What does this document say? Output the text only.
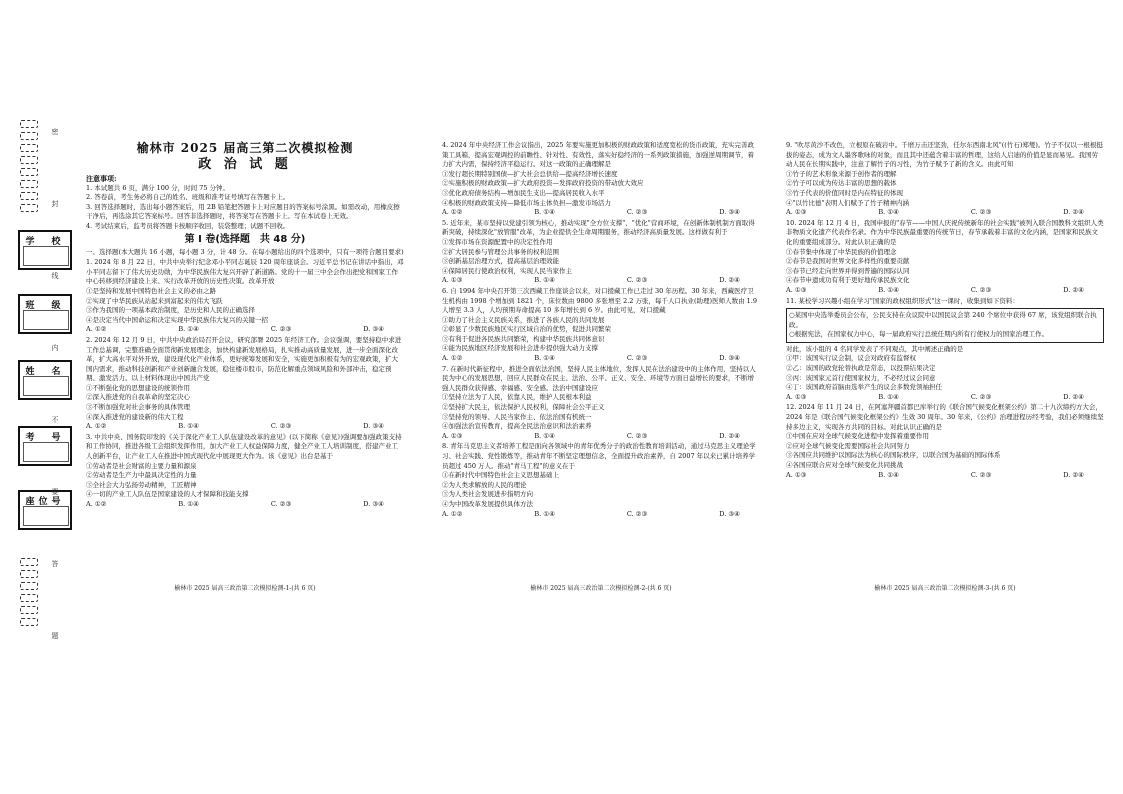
学　校
班　级
姓　名
考　号
座位号
密
封
线
内
不
要
答
题

榆林市 2025 届高三第二次模拟检测

政 治 试 题

注意事项:

1. 本试题共 6 页，满分 100 分，时间 75 分钟。

2. 答卷前，考生务必将自己的姓名、班级和准考证号填写在答题卡上。

3. 回答选择题时，选出每小题答案后，用 2B 铅笔把答题卡上对应题目的答案标号涂黑。如需改动，用橡皮擦干净后，再选涂其它答案标号。回答非选择题时，将答案写在答题卡上。写在本试卷上无效。

4. 考试结束后，监考员将答题卡按顺序收回，装袋整理；试题不回收。

第 Ⅰ 卷(选择题　共 48 分)

一、选择题(本大题共 16 小题，每小题 3 分，计 48 分。在每小题给出的四个选项中，只有一项符合题目要求)

1. 2024 年 8 月 22 日，中共中央举行纪念邓小平同志诞辰 120 周年座谈会。习近平总书记在讲话中指出，邓小平同志留下了伟大历史功勋，为中华民族伟大复兴开辟了新道路。党的十一届三中全会作出把党和国家工作中心转移到经济建设上来、实行改革开放的历史性决策。改革开放

①是坚持和发展中国特色社会主义的必由之路

②实现了中华民族从站起来到富起来的伟大飞跃

③作为我国的一项基本政治制度，是历史和人民的正确选择

④是决定当代中国命运和决定实现中华民族伟大复兴的关键一招

A. ①②	B. ①④	C. ②③	D. ③④

2. 2024 年 12 月 9 日，中共中央政治局召开会议，研究部署 2025 年经济工作。会议强调，要坚持稳中求进工作总基调，完整准确全面贯彻新发展理念，加快构建新发展格局，扎实推动高质量发展，进一步全面深化改革，扩大高水平对外开放，建设现代化产业体系，更好统筹发展和安全，实施更加积极有为的宏观政策，扩大国内需求，推动科技创新和产业创新融合发展，稳住楼市股市，防范化解重点领域风险和外部冲击，稳定预期、激发活力。以上材料体现出中国共产党

①不断强化党的思想建设的统领作用

②深入推进党的自我革命的坚定决心

③不断加强党对社会事务的具体管理

④深入推进党的建设新的伟大工程

A. ①②	B. ①④	C. ②③	D. ③④

3. 中共中央、国务院印发的《关于深化产业工人队伍建设改革的意见》(以下简称《意见》)强调要加强政策支持和工作协同，推进各级工会组织发挥作用，加大产业工人权益保障力度，健全产业工人培训制度，搭建产业工人创新平台，让产业工人在推进中国式现代化中展现更大作为。该《意见》出台是基于

①劳动者是社会财富的主要力量和源泉

②劳动者是生产力中最具决定性的力量

③全社会大力弘扬劳动精神，工匠精神

④一切的产业工人队伍是国家建设的人才保障和技能支撑

A. ①②	B. ①④	C. ②③	D. ③④
榆林市 2025 届高三政治第二次模拟检测-1-(共 6 页)

4. 2024 年中央经济工作会议指出，2025 年要实施更加积极的财政政策和适度宽松的货币政策，充实完善政策工具箱，提高宏观调控的前瞻性、针对性、有效性，落实好稳经济的一系列政策措施，加强逆周期调节，着力扩大内需，保持经济平稳运行。对这一政策的正确理解是

①发行超长期特别国债—扩大社会总供给—提高经济增长速度

②实施积极的财政政策—扩大政府投资—发挥政府投资的带动放大效应

③优化政府债务结构—增加民生支出—提高居民收入水平

④积极的财政政策支持—降低市场主体负担—激发市场活力

A. ①②	B. ①④	C. ②③	D. ③④

5. 近年来，某市坚持以党建引领为核心，推动实现"全方位支撑"、"优化"营商环境，在创新体制机制方面取得新突破，持续深化"放管服"改革，为企业提供全生命周期服务，推动经济高质量发展。这样做有利于

①发挥市场在资源配置中的决定性作用

②扩大居民参与管理公共事务的权利范围

③创新基层治理方式，提高基层治理效能

④保障居民行使政治权利，实现人民当家作主

A. ①③	B. ①④	C. ②③	D. ②④

6. 自 1994 年中央召开第三次西藏工作座谈会以来，对口援藏工作已走过 30 年历程。30 年来，西藏医疗卫生机构由 1998 个增加到 1821 个，床位数由 9800 多张增至 2.2 万张，每千人口执业(助理)医师人数由 1.9 人增至 3.3 人，人均预期寿命提高 10 多年增长到 6 岁。由此可见，对口援藏

①助力了社会主义民族关系，推进了各族人民的共同发展

②彰显了少数民族地区实行区域自治的优势，促进共同繁荣

③有利于促进各民族共同繁荣，构建中华民族共同体意识

④能为民族地区经济发展和社会进步提供强大动力支撑

A. ①②	B. ①④	C. ②③	D. ③④

7. 在新时代新征程中，推进全面依法治国，坚持人民主体地位，发挥人民在法治建设中的主体作用，坚持以人民为中心的发展思想，回应人民群众在民主、法治、公平、正义、安全、环境等方面日益增长的要求，不断增强人民群众获得感、幸福感、安全感。法治中国建设应

①坚持立法为了人民，依靠人民，维护人民根本利益

②坚持扩大民主，依法保护人民权利，保障社会公平正义

③坚持党的领导、人民当家作主、依法治国有机统一

④加强法治宣传教育，提高全民法治意识和法治素养

A. ①③	B. ①④	C. ②③	D. ②④

8. 青年马克思主义者培养工程是面向各领域中的青年优秀分子的政治性教育培训活动，通过马克思主义理论学习、社会实践、党性锻炼等，推动青年不断坚定理想信念，全面提升政治素养，自 2007 年以来已累计培养学员超过 450 万人。推动"青马工程"的意义在于

①在新时代中国特色社会主义思想基础上

②为人类求解放的人民的理论

③为人类社会发展进步指明方向

④为中国改革发展提供具体方法

A. ①②	B. ①④	C. ②③	D. ③④
榆林市 2025 届高三政治第二次模拟检测-2-(共 6 页)

9. "吹尽黄沙不改色，立根原在破岩中。千磨万击还坚劲，任尔东西南北风"((竹石)郑燮)。竹子不仅以一根根挺拔的姿态，成为文人墨客歌咏的对象，而且其中还蕴含着丰富的哲理，这给人启迪的价值是显而易见。我国劳动人民在长期实践中，注意了解竹子的习性，为竹子赋予了新的含义。由此可知

①竹子的艺术形象来源于创作者的理解

②竹子可以成为传达丰富的思想的载体

③竹子代表的价值同时是内在特征的体现

④"以竹比德"表明人们赋予了竹子精神内涵

A. ①③	B. ①④	C. ②③	D. ②④

10. 2024 年 12 月 4 日，我国申报的"春节——中国人庆祝传统新年的社会实践"被列入联合国教科文组织人类非物质文化遗产代表作名录。作为中华民族最重要的传统节日，春节承载着丰富的文化内涵，是国家和民族文化的重要组成部分。对此认识正确的是

①春节集中体现了中华民族的价值理念

②春节是我国对世界文化多样性的重要贡献

③春节已经走向世界并得到普遍的国际认同

④春节申遗成功有利于更好地传承民族文化

A. ①③	B. ①④	C. ②③	D. ②④

11. 某校学习兴趣小组在学习"国家的政权组织形式"这一课时，收集到如下资料：

○某国中央选举委员会公布，公民支持在众议院中以国民议会第 240 个席位中获得 67 席，该党组织联合执政。

○根据宪法，在国家权力中心，每一届政府实行总统任期内所有行使权力的国家治理工作。

对此，该小组的 4 名同学发表了不同观点，其中阐述正确的是

①甲：该国实行议会制，议会对政府有监督权

②乙：该国的政党轮替执政是常态，以投票结果决定

③丙：该国家元首行使国家权力，不必经过议会同意

④丁：该国政府首脑由选举产生的议会多数党领袖担任

A. ①③	B. ①④	C. ②③	D. ②④

12. 2024 年 11 月 24 日，在阿塞拜疆首都巴库举行的《联合国气候变化框架公约》第二十九次缔约方大会，2024 年是《联合国气候变化框架公约》生效 30 周年。30 年来，《公约》治理进程历经考验，我们必须继续坚持多边主义，实现各方共同的目标。对此认识正确的是

①中国在应对全球气候变化进程中发挥着重要作用

②应对全球气候变化需要国际社会共同努力

③各国应共同维护以国际法为核心的国际秩序，以联合国为基础的国际体系

④各国应联合应对全球气候变化共同挑战

A. ①③	B. ①④	C. ②③	D. ②④
榆林市 2025 届高三政治第二次模拟检测-3-(共 6 页)
